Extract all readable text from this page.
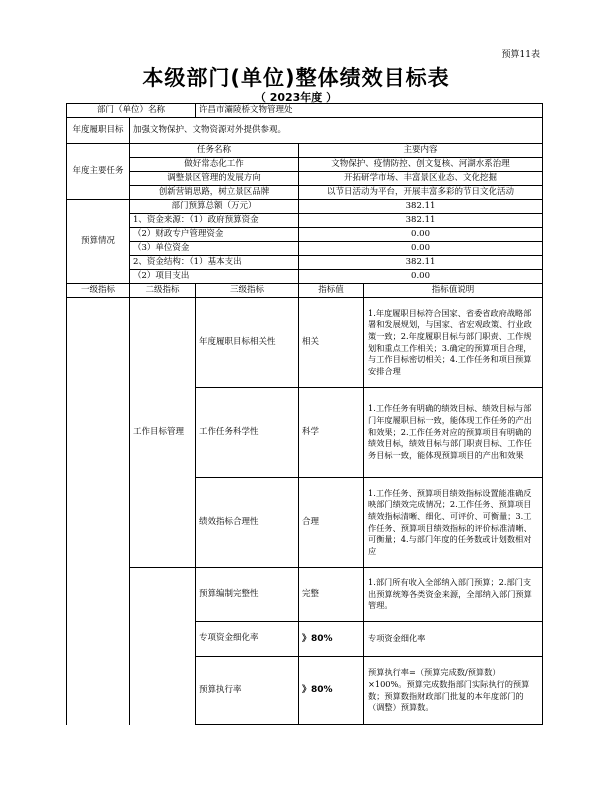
预算11表
本级部门(单位)整体绩效目标表
（ 2023年度 ）
部门（单位）名称		许昌市灞陵桥文物管理处		
年度履职目标	加强文物保护、文物资源对外提供参观。			
年度主要任务	任务名称		主要内容	
	做好常态化工作		文物保护、疫情防控、创文复核、河湖水系治理	
	调整景区管理的发展方向		开拓研学市场、丰富景区业态、文化挖掘	
	创新营销思路，树立景区品牌		以节日活动为平台，开展丰富多彩的节日文化活动	
预算情况	部门预算总额（万元）		382.11	
	1、资金来源：（1）政府预算资金		382.11	
	（2）财政专户管理资金		0.00	
	（3）单位资金		0.00	
	2、资金结构：（1）基本支出		382.11	
	（2）项目支出		0.00	
一级指标	二级指标	三级指标	指标值	指标值说明
	工作目标管理	年度履职目标相关性	相关	1.年度履职目标符合国家、省委省政府战略部署和发展规划，与国家、省宏观政策、行业政策一致；2.年度履职目标与部门职责、工作规划和重点工作相关；3.确定的预算项目合理，与工作目标密切相关；4.工作任务和项目预算安排合理
		工作任务科学性	科学	1.工作任务有明确的绩效目标、绩效目标与部门年度履职目标一致，能体现工作任务的产出和效果；2.工作任务对应的预算项目有明确的绩效目标，绩效目标与部门职责目标、工作任务目标一致，能体现预算项目的产出和效果
		绩效指标合理性	合理	1.工作任务、预算项目绩效指标设置能准确反映部门绩效完成情况；2.工作任务、预算项目绩效指标清晰、细化、可评价、可衡量；3.工作任务、预算项目绩效指标的评价标准清晰、可衡量；4.与部门年度的任务数或计划数相对应
		预算编制完整性	完整	1.部门所有收入全部纳入部门预算；2.部门支出预算统筹各类资金来源，全部纳入部门预算管理。
		专项资金细化率	》80%	专项资金细化率
		预算执行率	》80%	预算执行率=（预算完成数/预算数）×100%。预算完成数指部门实际执行的预算数；预算数指财政部门批复的本年度部门的（调整）预算数。
